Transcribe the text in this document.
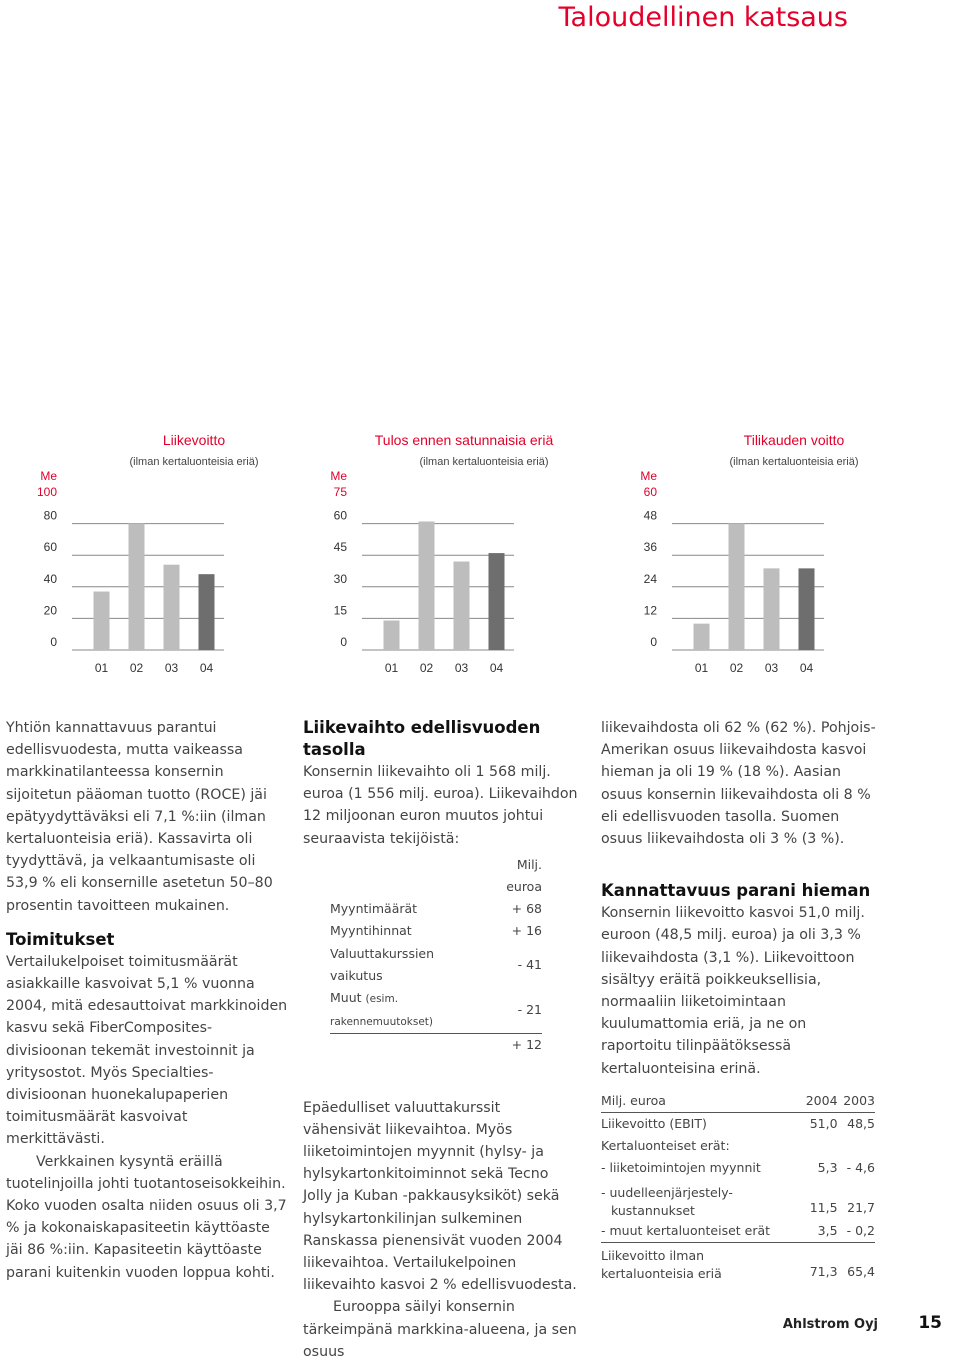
Taloudellinen katsaus
Liikevoitto
(ilman kertaluonteisia eriä)
Me
0
20
40
60
80
100
01 02 03 04
Tulos ennen satunnaisia eriä
(ilman kertaluonteisia eriä)
Me
0
15
30
45
60
75
01 02 03 04
Tilikauden voitto
(ilman kertaluonteisia eriä)
Me
0
12
24
36
48
60
01 02 03 04

Yhtiön kannattavuus parantui edellisvuodesta, mutta vaikeassa markkinatilanteessa konsernin sijoitetun pääoman tuotto (ROCE) jäi epätyydyttäväksi eli 7,1 %:iin (ilman kertaluonteisia eriä). Kassavirta oli tyydyttävä, ja velkaantumisaste oli 53,9 % eli konsernille asetetun 50–80 prosentin tavoitteen mukainen.

Toimitukset

Vertailukelpoiset toimitusmäärät asiakkaille kasvoivat 5,1 % vuonna 2004, mitä edesauttoivat markkinoiden kasvu sekä FiberComposites-divisioonan tekemät investoinnit ja yritysostot. Myös Specialties-divisioonan huonekalupaperien toimitusmäärät kasvoivat merkittävästi.

Verkkainen kysyntä eräillä tuotelinjoilla johti tuotantoseisokkeihin. Koko vuoden osalta niiden osuus oli 3,7 % ja kokonaiskapasiteetin käyttöaste jäi 86 %:iin. Kapasiteetin käyttöaste parani kuitenkin vuoden loppua kohti.

Liikevaihto edellisvuoden tasolla

Konsernin liikevaihto oli 1 568 milj. euroa (1 556 milj. euroa). Liikevaihdon 12 miljoonan euron muutos johtui seuraavista tekijöistä:

	Milj. euroa
Myyntimäärät	+ 68
Myyntihinnat	+ 16
Valuuttakurssien vaikutus	- 41
Muut (esim. rakennemuutokset)	- 21
	+ 12

Epäedulliset valuuttakurssit vähensivät liikevaihtoa. Myös liiketoimintojen myynnit (hylsy- ja hylsykartonkitoiminnot sekä Tecno Jolly ja Kuban -pakkausyksiköt) sekä hylsykartonkilinjan sulkeminen Ranskassa pienensivät vuoden 2004 liikevaihtoa. Vertailukelpoinen liikevaihto kasvoi 2 % edellisvuodesta.

Eurooppa säilyi konsernin tärkeimpänä markkina-alueena, ja sen osuus

liikevaihdosta oli 62 % (62 %). Pohjois-Amerikan osuus liikevaihdosta kasvoi hieman ja oli 19 % (18 %). Aasian osuus konsernin liikevaihdosta oli 8 % eli edellisvuoden tasolla. Suomen osuus liikevaihdosta oli 3 % (3 %).

Kannattavuus parani hieman

Konsernin liikevoitto kasvoi 51,0 milj. euroon (48,5 milj. euroa) ja oli 3,3 % liikevaihdosta (3,1 %). Liikevoittoon sisältyy eräitä poikkeuksellisia, normaaliin liiketoimintaan kuulumattomia eriä, ja ne on raportoitu tilinpäätöksessä kertaluonteisina erinä.

Milj. euroa	2004	2003
Liikevoitto (EBIT)	51,0	48,5
Kertaluonteiset erät:		
- liiketoimintojen myynnit	5,3	- 4,6

- uudelleenjärjestely-
kustannukset	11,5	21,7
- muut kertaluonteiset erät	3,5	- 0,2

Liikevoitto ilman
kertaluonteisia eriä	71,3	65,4
Ahlstrom Oyj 15
